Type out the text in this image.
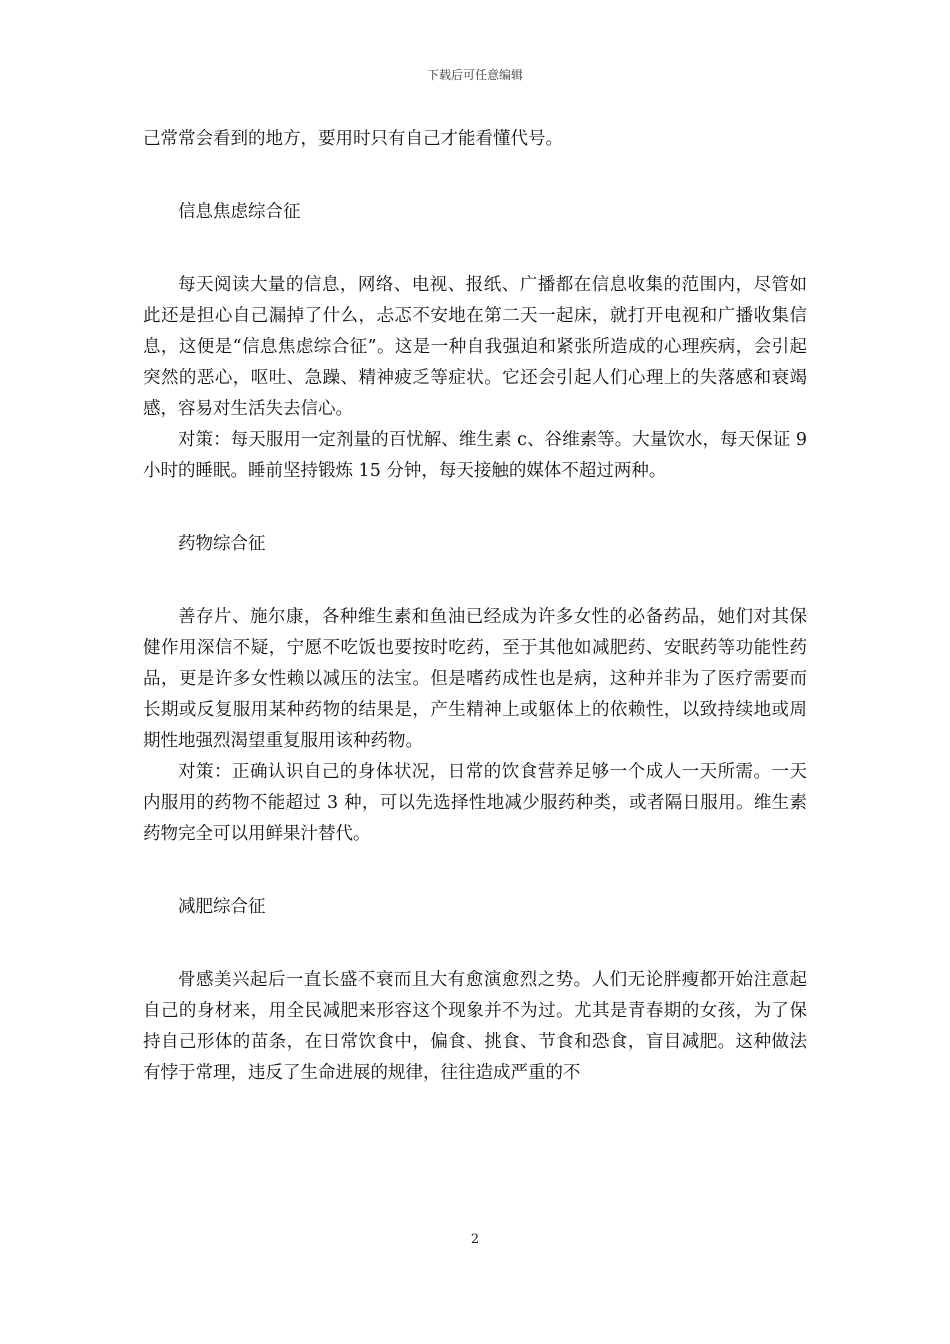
下载后可任意编辑

己常常会看到的地方，要用时只有自己才能看懂代号。

信息焦虑综合征

每天阅读大量的信息，网络、电视、报纸、广播都在信息收集的范围内，尽管如此还是担心自己漏掉了什么，忐忑不安地在第二天一起床，就打开电视和广播收集信息，这便是“信息焦虑综合征”。这是一种自我强迫和紧张所造成的心理疾病，会引起突然的恶心，呕吐、急躁、精神疲乏等症状。它还会引起人们心理上的失落感和衰竭感，容易对生活失去信心。

对策：每天服用一定剂量的百忧解、维生素 c、谷维素等。大量饮水，每天保证 9 小时的睡眠。睡前坚持锻炼 15 分钟，每天接触的媒体不超过两种。

药物综合征

善存片、施尔康，各种维生素和鱼油已经成为许多女性的必备药品，她们对其保健作用深信不疑，宁愿不吃饭也要按时吃药，至于其他如减肥药、安眠药等功能性药品，更是许多女性赖以减压的法宝。但是嗜药成性也是病，这种并非为了医疗需要而长期或反复服用某种药物的结果是，产生精神上或躯体上的依赖性，以致持续地或周期性地强烈渴望重复服用该种药物。

对策：正确认识自己的身体状况，日常的饮食营养足够一个成人一天所需。一天内服用的药物不能超过 3 种，可以先选择性地减少服药种类，或者隔日服用。维生素药物完全可以用鲜果汁替代。

减肥综合征

骨感美兴起后一直长盛不衰而且大有愈演愈烈之势。人们无论胖瘦都开始注意起自己的身材来，用全民减肥来形容这个现象并不为过。尤其是青春期的女孩，为了保持自己形体的苗条，在日常饮食中，偏食、挑食、节食和恐食，盲目减肥。这种做法有悖于常理，违反了生命进展的规律，往往造成严重的不

2
